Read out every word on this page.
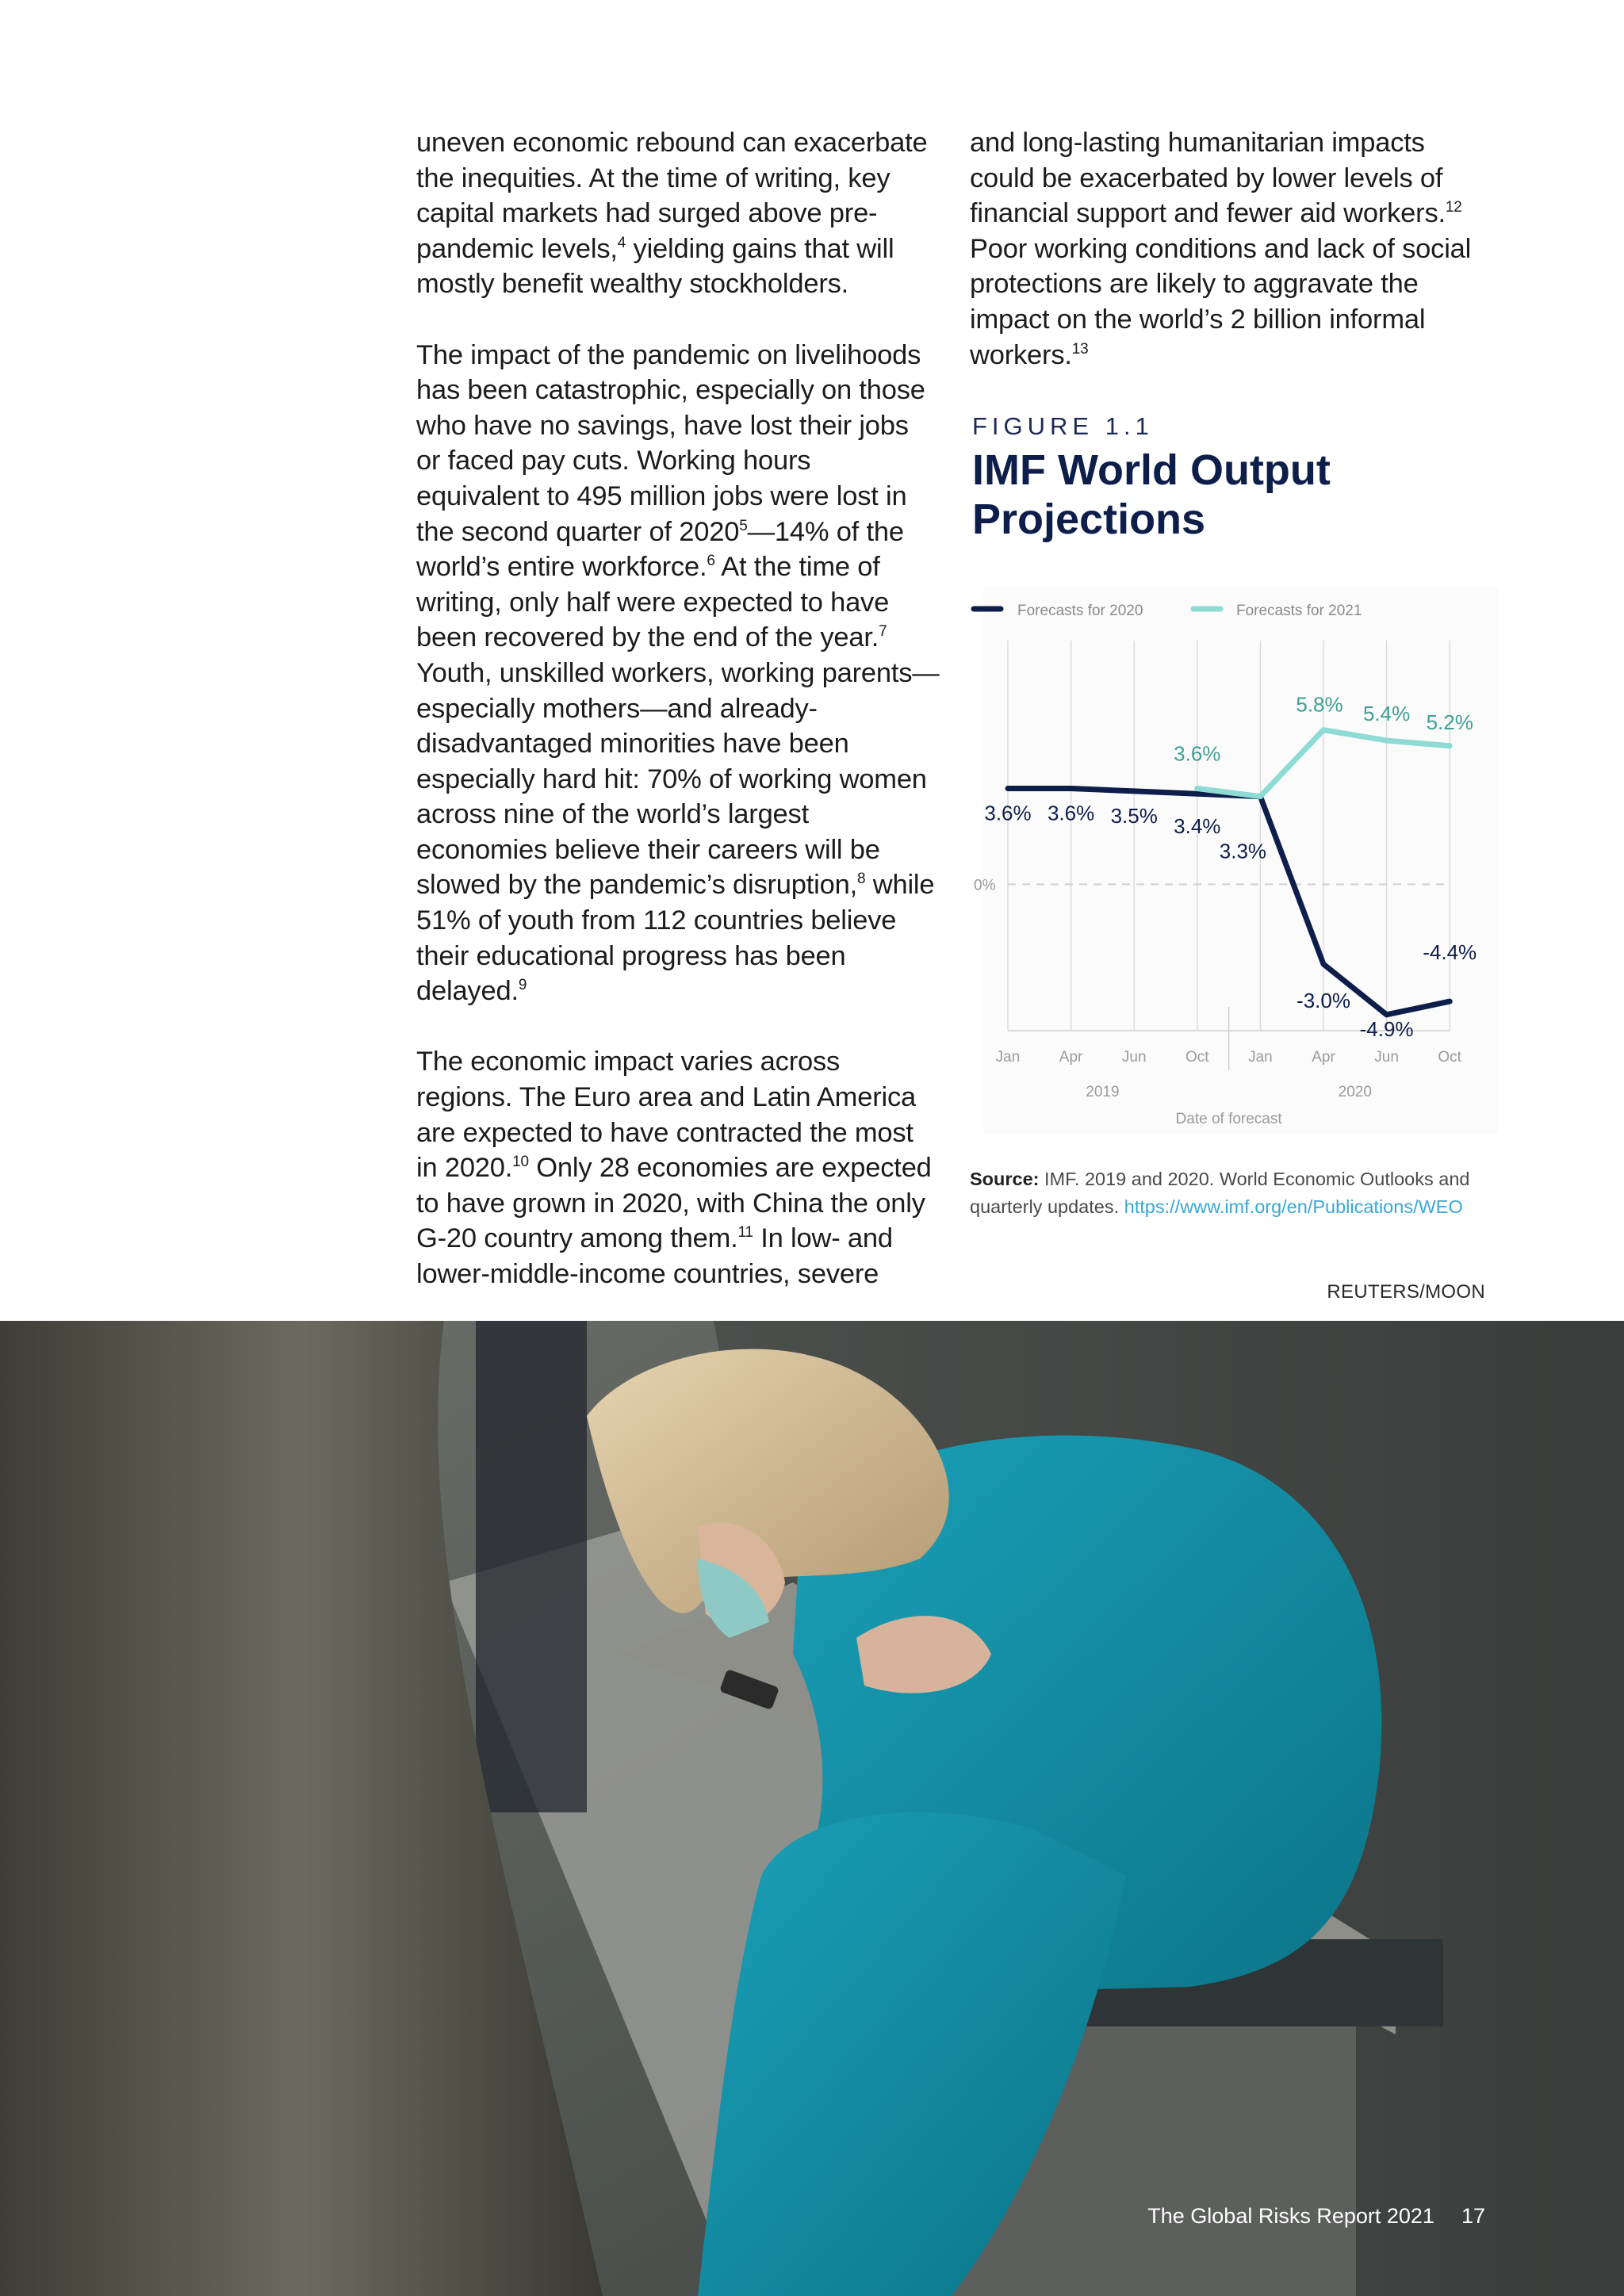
uneven economic rebound can exacerbate the inequities. At the time of writing, key capital markets had surged above pre-pandemic levels,$^4$ yielding gains that will mostly benefit wealthy stockholders.

The impact of the pandemic on livelihoods has been catastrophic, especially on those who have no savings, have lost their jobs or faced pay cuts. Working hours equivalent to 495 million jobs were lost in the second quarter of 2020$^5$—14% of the world’s entire workforce.$^6$ At the time of writing, only half were expected to have been recovered by the end of the year.$^7$ Youth, unskilled workers, working parents—especially mothers—and already-disadvantaged minorities have been especially hard hit: 70% of working women across nine of the world’s largest economies believe their careers will be slowed by the pandemic’s disruption,$^8$ while 51% of youth from 112 countries believe their educational progress has been delayed.$^9$

The economic impact varies across regions. The Euro area and Latin America are expected to have contracted the most in 2020.10 Only 28 economies are expected to have grown in 2020, with China the only G-20 country among them.$^{11}$ In low- and lower-middle-income countries, severe

and long-lasting humanitarian impacts could be exacerbated by lower levels of financial support and fewer aid workers.$^{12}$ Poor working conditions and lack of social protections are likely to aggravate the impact on the world’s 2 billion informal workers.$^{13}$

FIGURE 1.1
IMF World Output Projections
Forecasts for 2020	Forecasts for 2021
0%
3.6% 3.6% 3.5% 3.4%
3.3%
-3.0%
-4.9%
-4.4%
3.6%
5.8% 5.4% 5.2%
Jan	Apr	Jun	Oct	Jan	Apr	Jun	Oct
2019	2020
Date of forecast
Source: IMF. 2019 and 2020. World Economic Outlooks and quarterly updates. https://www.imf.org/en/Publications/WEO
REUTERS/MOON
The Global Risks Report 2021 17
